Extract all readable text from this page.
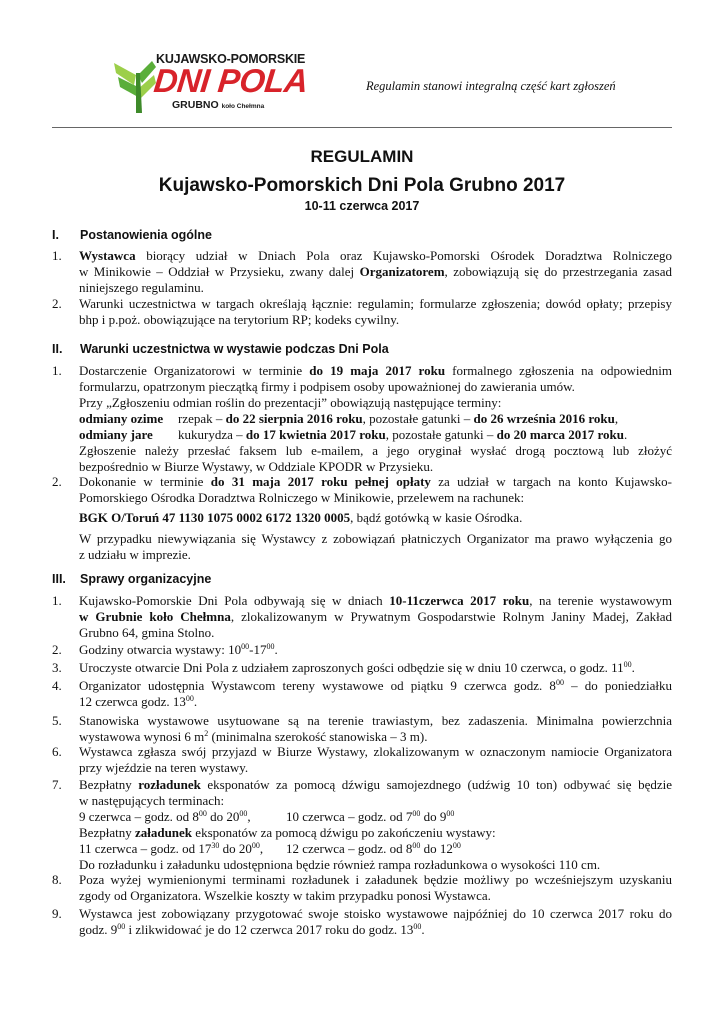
KUJAWSKO-POMORSKIE
DNI POLA
GRUBNO koło Chełmna
Regulamin stanowi integralną część kart zgłoszeń
REGULAMIN
Kujawsko-Pomorskich Dni Pola Grubno 2017
10-11 czerwca 2017
I. Postanowienia ogólne
1. Wystawca biorący udział w Dniach Pola oraz Kujawsko-Pomorski Ośrodek Doradztwa Rolniczego
w Minikowie – Oddział w Przysieku, zwany dalej Organizatorem, zobowiązują się do przestrzegania zasad
niniejszego regulaminu.
2. Warunki uczestnictwa w targach określają łącznie: regulamin; formularze zgłoszenia; dowód opłaty; przepisy
bhp i p.poż. obowiązujące na terytorium RP; kodeks cywilny.
II. Warunki uczestnictwa w wystawie podczas Dni Pola
1. Dostarczenie Organizatorowi w terminie do 19 maja 2017 roku formalnego zgłoszenia na odpowiednim
formularzu, opatrzonym pieczątką firmy i podpisem osoby upoważnionej do zawierania umów.
Przy „Zgłoszeniu odmian roślin do prezentacji” obowiązują następujące terminy:
odmiany ozime rzepak – do 22 sierpnia 2016 roku, pozostałe gatunki – do 26 września 2016 roku,
odmiany jare kukurydza – do 17 kwietnia 2017 roku, pozostałe gatunki – do 20 marca 2017 roku.
Zgłoszenie należy przesłać faksem lub e-mailem, a jego oryginał wysłać drogą pocztową lub złożyć
bezpośrednio w Biurze Wystawy, w Oddziale KPODR w Przysieku.
2. Dokonanie w terminie do 31 maja 2017 roku pełnej opłaty za udział w targach na konto Kujawsko-
Pomorskiego Ośrodka Doradztwa Rolniczego w Minikowie, przelewem na rachunek:
BGK O/Toruń 47 1130 1075 0002 6172 1320 0005, bądź gotówką w kasie Ośrodka.
W przypadku niewywiązania się Wystawcy z zobowiązań płatniczych Organizator ma prawo wyłączenia go
z udziału w imprezie.
III. Sprawy organizacyjne
1. Kujawsko-Pomorskie Dni Pola odbywają się w dniach 10-11czerwca 2017 roku, na terenie wystawowym
w Grubnie koło Chełmna, zlokalizowanym w Prywatnym Gospodarstwie Rolnym Janiny Madej, Zakład
Grubno 64, gmina Stolno.
2. Godziny otwarcia wystawy: $10^{00}-17^{00}$.
3. Uroczyste otwarcie Dni Pola z udziałem zaproszonych gości odbędzie się w dniu 10 czerwca, o godz. $11^{00}$.
4. Organizator udostępnia Wystawcom tereny wystawowe od piątku 9 czerwca godz. $8^{00}$ – do poniedziałku
12 czerwca godz. $13^{00}$.
5. Stanowiska wystawowe usytuowane są na terenie trawiastym, bez zadaszenia. Minimalna powierzchnia
wystawowa wynosi 6 $m^2$ (minimalna szerokość stanowiska – 3 m).
6. Wystawca zgłasza swój przyjazd w Biurze Wystawy, zlokalizowanym w oznaczonym namiocie Organizatora
przy wjeździe na teren wystawy.
7. Bezpłatny rozładunek eksponatów za pomocą dźwigu samojezdnego (udźwig 10 ton) odbywać się będzie
w następujących terminach:
9 czerwca – godz. od $8^{00}$ do $20^{00}$,	10 czerwca – godz. od $7^{00}$ do $9^{00}$
Bezpłatny załadunek eksponatów za pomocą dźwigu po zakończeniu wystawy:
11 czerwca – godz. od $17^{30}$ do $20^{00}$, 12 czerwca – godz. od $8^{00}$ do $12^{00}$
Do rozładunku i załadunku udostępniona będzie również rampa rozładunkowa o wysokości 110 cm.
8. Poza wyżej wymienionymi terminami rozładunek i załadunek będzie możliwy po wcześniejszym uzyskaniu
zgody od Organizatora. Wszelkie koszty w takim przypadku ponosi Wystawca.
9. Wystawca jest zobowiązany przygotować swoje stoisko wystawowe najpóźniej do 10 czerwca 2017 roku do
godz. $9^{00}$ i zlikwidować je do 12 czerwca 2017 roku do godz. $13^{00}$.
